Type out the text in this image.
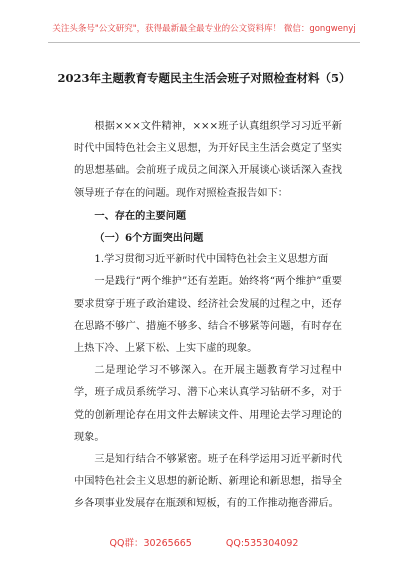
关注头条号"公文研究"，获得最新最全最专业的公文资料库！ 微信：gongwenyj
2023年主题教育专题民主生活会班子对照检查材料（5）

根据×××文件精神，×××班子认真组织学习习近平新时代中国特色社会主义思想，为开好民主生活会奠定了坚实的思想基础。会前班子成员之间深入开展谈心谈话深入查找领导班子存在的问题。现作对照检查报告如下：

一、存在的主要问题

（一）6个方面突出问题

1.学习贯彻习近平新时代中国特色社会主义思想方面

一是践行“两个维护”还有差距。始终将“两个维护”重要要求贯穿于班子政治建设、经济社会发展的过程之中，还存在思路不够广、措施不够多、结合不够紧等问题，有时存在上热下冷、上紧下松、上实下虚的现象。

二是理论学习不够深入。在开展主题教育学习过程中学，班子成员系统学习、潜下心来认真学习钻研不多，对于党的创新理论存在用文件去解读文件、用理论去学习理论的现象。

三是知行结合不够紧密。班子在科学运用习近平新时代中国特色社会主义思想的新论断、新理论和新思想，指导全乡各项事业发展存在瓶颈和短板，有的工作推动拖沓滞后。

QQ群：30265665	QQ:535304092
